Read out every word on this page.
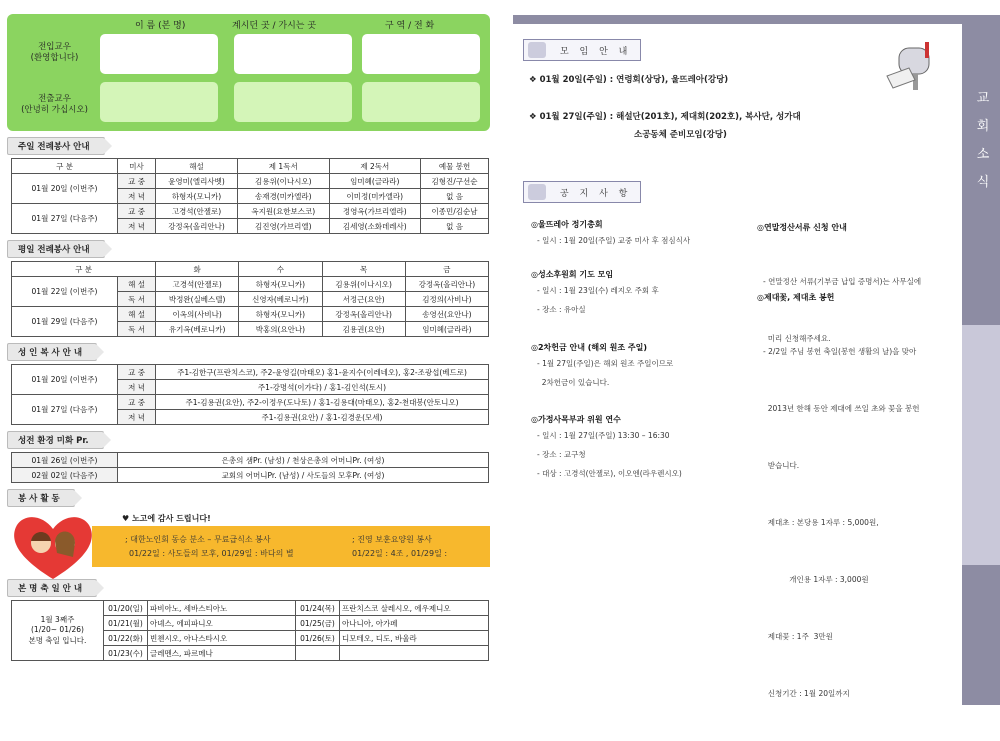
이 름 (본 명)	계시던 곳 / 가시는 곳	구 역 / 전 화
전입교우
(환영합니다)
전출교우
(안녕히 가십시오)
주일 전례봉사 안내
구 분	미사	해설	제 1독서	제 2독서	예물 봉헌
01월 20일 (이번주)	교 중	윤영미(엘리사벳)	김용위(이나시오)	임미혜(글라라)	김형진/구선순
	저 녁	하형자(모니카)	송재경(미카엘라)	이미정(미카엘라)	없 음
01월 27일 (다음주)	교 중	고경석(안젤로)	옥지원(요한보스코)	정영옥(가브리엘라)	이종민/김순남
	저 녁	강정옥(올리안나)	김진영(가브리엘)	김세영(소화데레사)	없 음
평일 전례봉사 안내
구 분		화	수	목	금
01월 22일 (이번주)	해 설	고경석(안젤로)	하형자(모니카)	김용위(이나시오)	강정옥(올리안나)
	독 서	박정완(실베스텔)	신영자(베로니카)	서정근(요안)	김정의(사비나)
01월 29일 (다음주)	해 설	이옥의(사비나)	하형자(모니카)	강정옥(올리안나)	송영선(요안나)
	독 서	유기옥(베로니카)	박홍의(요안나)	김용권(요안)	임미혜(글라라)
성 인 복 사 안 내
01월 20일 (이번주)	교 중	주1-김한구(프란치스코), 주2-윤영길(마태오) 홍1-윤지수(이레네오), 홍2-조광섭(베드로)
	저 녁	주1-강명석(이가다) / 홍1-김인석(토시)
01월 27일 (다음주)	교 중	주1-김용권(요안), 주2-이정우(도나토) / 홍1-김용대(마태오), 홍2-천대봉(안토니오)
	저 녁	주1-김용권(요안) / 홍1-김경운(모세)
성전 환경 미화 Pr.
01월 26일 (이번주)	은총의 샘Pr. (남성) / 천상은총의 어머니Pr. (여성)
02월 02일 (다음주)	교회의 어머니Pr. (남성) / 사도들의 모후Pr. (여성)
봉 사 활 동
♥ 노고에 감사 드립니다!
; 대한노인회 동승 분소 – 무료급식소 봉사	; 진영 보훈요양원 봉사
01/22일 : 사도들의 모후, 01/29일 : 바다의 별	01/22일 : 4조 , 01/29일 :
본 명 축 일 안 내
1월 3째주
(1/20~ 01/26)
본명 축일 입니다.	01/20(일)	파비아노, 세바스티아노	01/24(목)	프란치스코 살레시오, 에우제니오
	01/21(월)	아녜스, 에피파니오	01/25(금)	아나니아, 아가페
	01/22(화)	빈첸시오, 아나스타시오	01/26(토)	디모테오, 디도, 바울라
	01/23(수)	글레멘스, 파르메나		
교
회
소
식
모 임 안 내
❖ 01월 20일(주일) : 연령회(상당), 울뜨레아(강당)
❖ 01월 27일(주일) : 해설단(201호), 제대회(202호), 복사단, 성가대
소공동체 준비모임(강당)
공 지 사 항
◎울뜨레아 정기총회
- 일시 : 1월 20일(주일) 교중 미사 후 점심식사
◎성소후원회 기도 모임
- 일시 : 1월 23일(수) 레지오 주회 후
- 장소 : 유아실
◎2차헌금 안내 (해외 원조 주일)
- 1월 27일(주일)은 해외 원조 주일이므로
2차헌금이 있습니다.
◎가정사목부과 위원 연수
- 일시 : 1월 27일(주일) 13:30 – 16:30
- 장소 : 교구청
- 대상 : 고경석(안젤로), 이오엔(라우렌시오)
◎연말정산서류 신청 안내

- 연말정산 서류(기부금 납입 증명서)는 사무실에

미리 신청해주세요.

◎제대꽃, 제대초 봉헌

- 2/2일 주님 봉헌 축일(봉헌 생활의 날)을 맞아

2013년 한해 동안 제대에 쓰일 초와 꽃을 봉헌

받습니다.

제대초 : 본당용 1자루 : 5,000원,

개인용 1자루 : 3,000원

제대꽃 : 1주  3만원

신청기간 : 1월 20일까지
